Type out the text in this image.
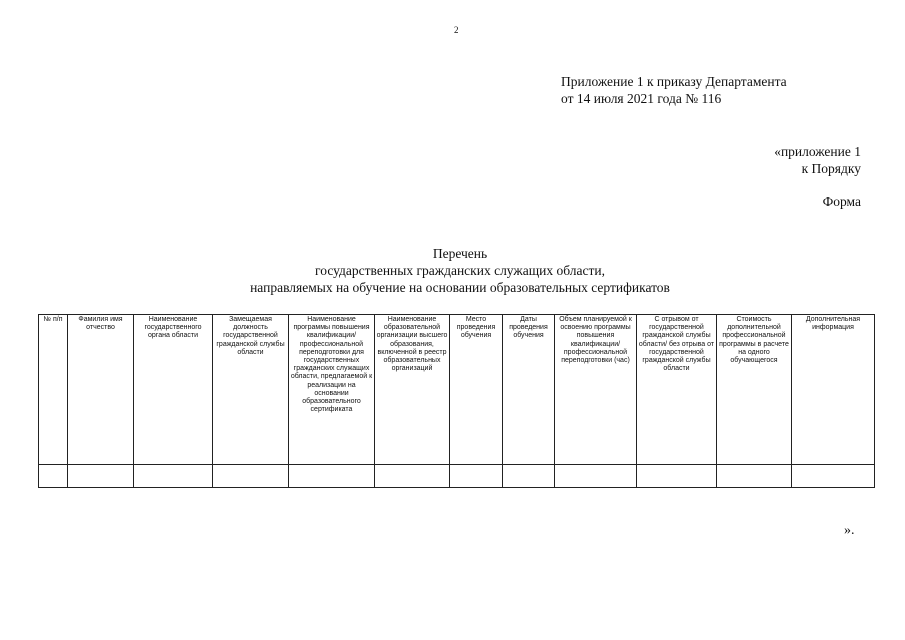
2
Приложение 1 к приказу Департамента
от 14 июля 2021 года № 116
«приложение 1
к Порядку
Форма
Перечень
государственных гражданских служащих области,
направляемых на обучение на основании образовательных сертификатов
№ п/п	Фамилия имя отчество	Наименование государственного органа области	Замещаемая должность государственной гражданской службы области	Наименование программы повышения квалификации/ профессиональной переподготовки для государственных гражданских служащих области, предлагаемой к реализации на основании образовательного сертификата	Наименование образовательной организации высшего образования, включенной в реестр образовательных организаций	Место проведения обучения	Даты проведения обучения	Объем планируемой к освоению программы повышения квалификации/ профессиональной переподготовки (час)	С отрывом от государственной гражданской службы области/ без отрыва от государственной гражданской службы области	Стоимость дополнительной профессиональной программы в расчете на одного обучающегося	Дополнительная информация

».
